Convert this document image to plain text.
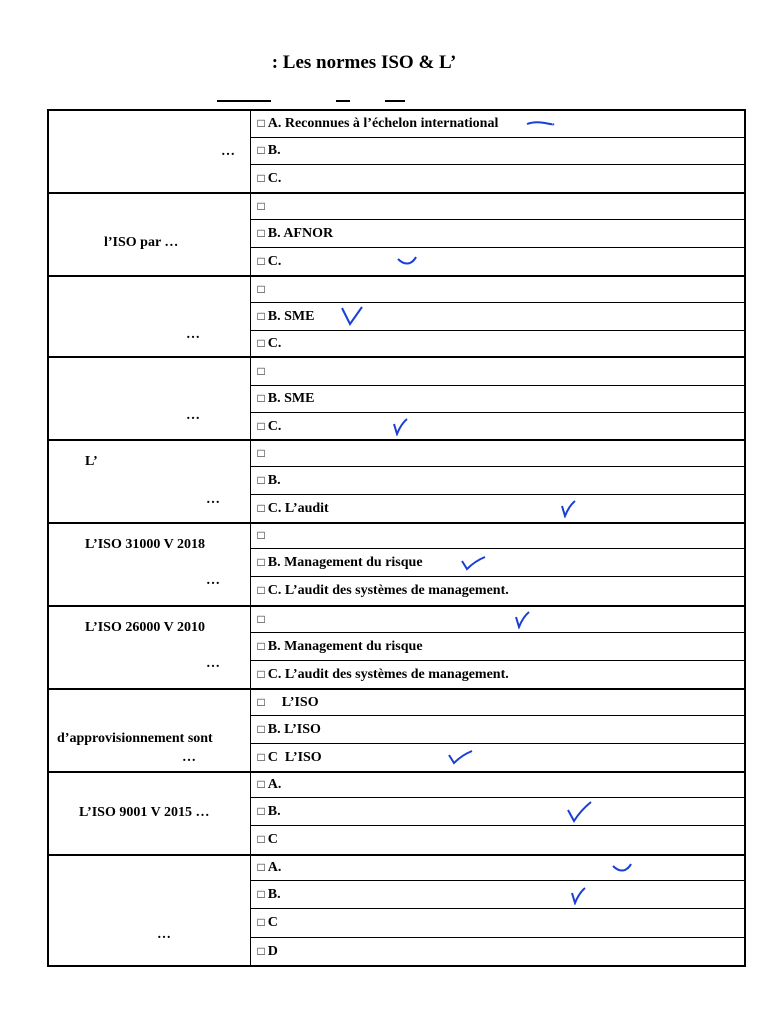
: Les normes ISO & L’
…	□ A. Reconnues à l’échelon international

	□ B.
	□ C.

l’ISO par …	□
	□ B. AFNOR
	□ C.

…	□
	□ B. SME

	□ C.

…	□
	□ B. SME
	□ C.

L’
…	□
	□ B.
	□ C. L’audit

L’ISO 31000 V 2018
…	□
	□ B. Management du risque

	□ C. L’audit des systèmes de management.

L’ISO 26000 V 2010
…	□

	□ B. Management du risque
	□ C. L’audit des systèmes de management.

d’approvisionnement sont
…	□    L’ISO
	□ B. L’ISO
	□ C  L’ISO

L’ISO 9001 V 2015 …	□ A.
	□ B.

	□ C

…	□ A.

	□ B.

	□ C
	□ D
